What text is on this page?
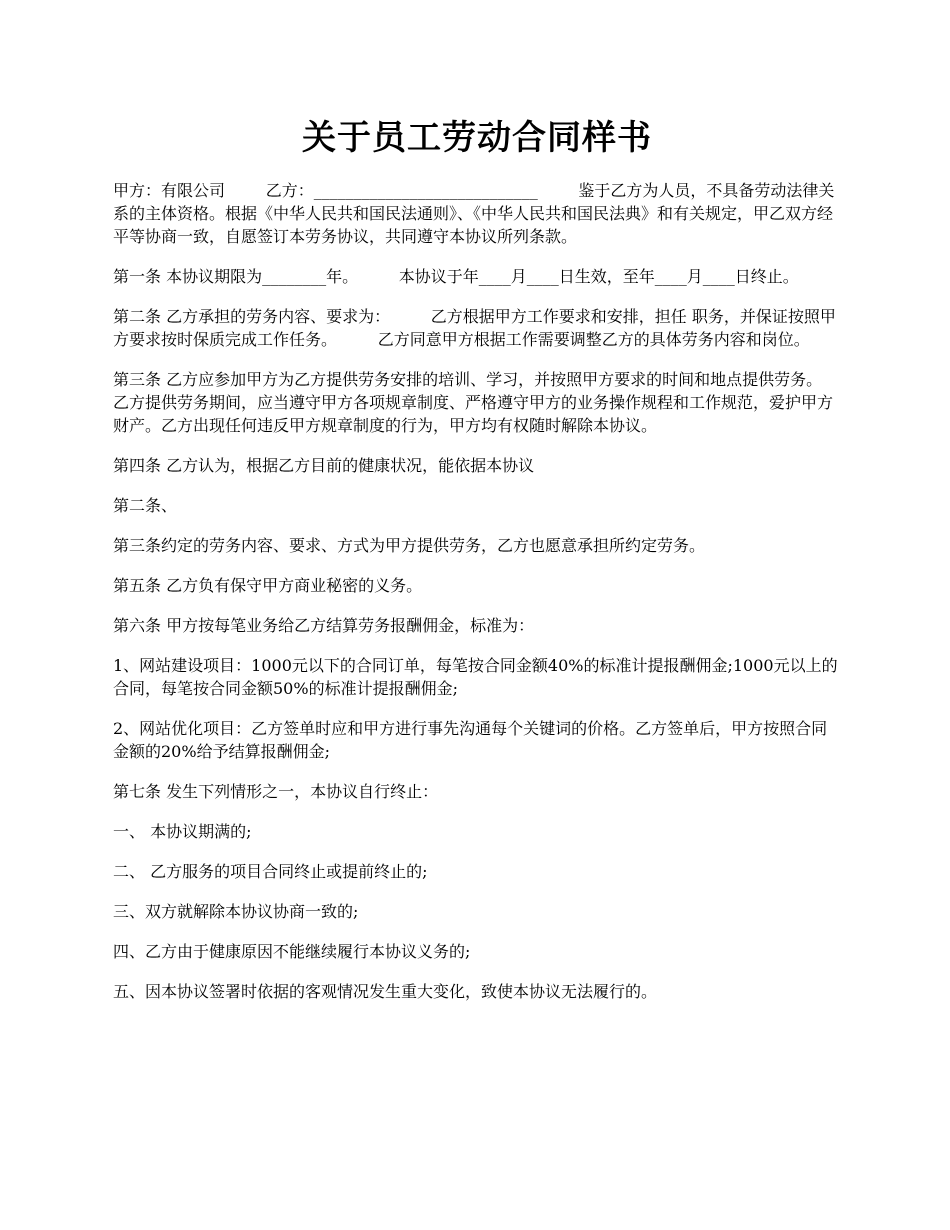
关于员工劳动合同样书

甲方：有限公司        乙方：____________________________        鉴于乙方为人员，不具备劳动法律关系的主体资格。根据《中华人民共和国民法通则》、《中华人民共和国民法典》和有关规定，甲乙双方经平等协商一致，自愿签订本劳务协议，共同遵守本协议所列条款。

第一条 本协议期限为________年。        本协议于年____月____日生效，至年____月____日终止。

第二条 乙方承担的劳务内容、要求为：        乙方根据甲方工作要求和安排，担任 职务，并保证按照甲方要求按时保质完成工作任务。        乙方同意甲方根据工作需要调整乙方的具体劳务内容和岗位。

第三条 乙方应参加甲方为乙方提供劳务安排的培训、学习，并按照甲方要求的时间和地点提供劳务。        乙方提供劳务期间，应当遵守甲方各项规章制度、严格遵守甲方的业务操作规程和工作规范，爱护甲方财产。乙方出现任何违反甲方规章制度的行为，甲方均有权随时解除本协议。

第四条 乙方认为，根据乙方目前的健康状况，能依据本协议

第二条、

第三条约定的劳务内容、要求、方式为甲方提供劳务，乙方也愿意承担所约定劳务。

第五条 乙方负有保守甲方商业秘密的义务。

第六条 甲方按每笔业务给乙方结算劳务报酬佣金，标准为：

1、网站建设项目：1000元以下的合同订单，每笔按合同金额40%的标准计提报酬佣金;1000元以上的合同，每笔按合同金额50%的标准计提报酬佣金;

2、网站优化项目：乙方签单时应和甲方进行事先沟通每个关键词的价格。乙方签单后，甲方按照合同金额的20%给予结算报酬佣金;

第七条 发生下列情形之一，本协议自行终止：

一、 本协议期满的;

二、 乙方服务的项目合同终止或提前终止的;

三、双方就解除本协议协商一致的;

四、乙方由于健康原因不能继续履行本协议义务的;

五、因本协议签署时依据的客观情况发生重大变化，致使本协议无法履行的。
